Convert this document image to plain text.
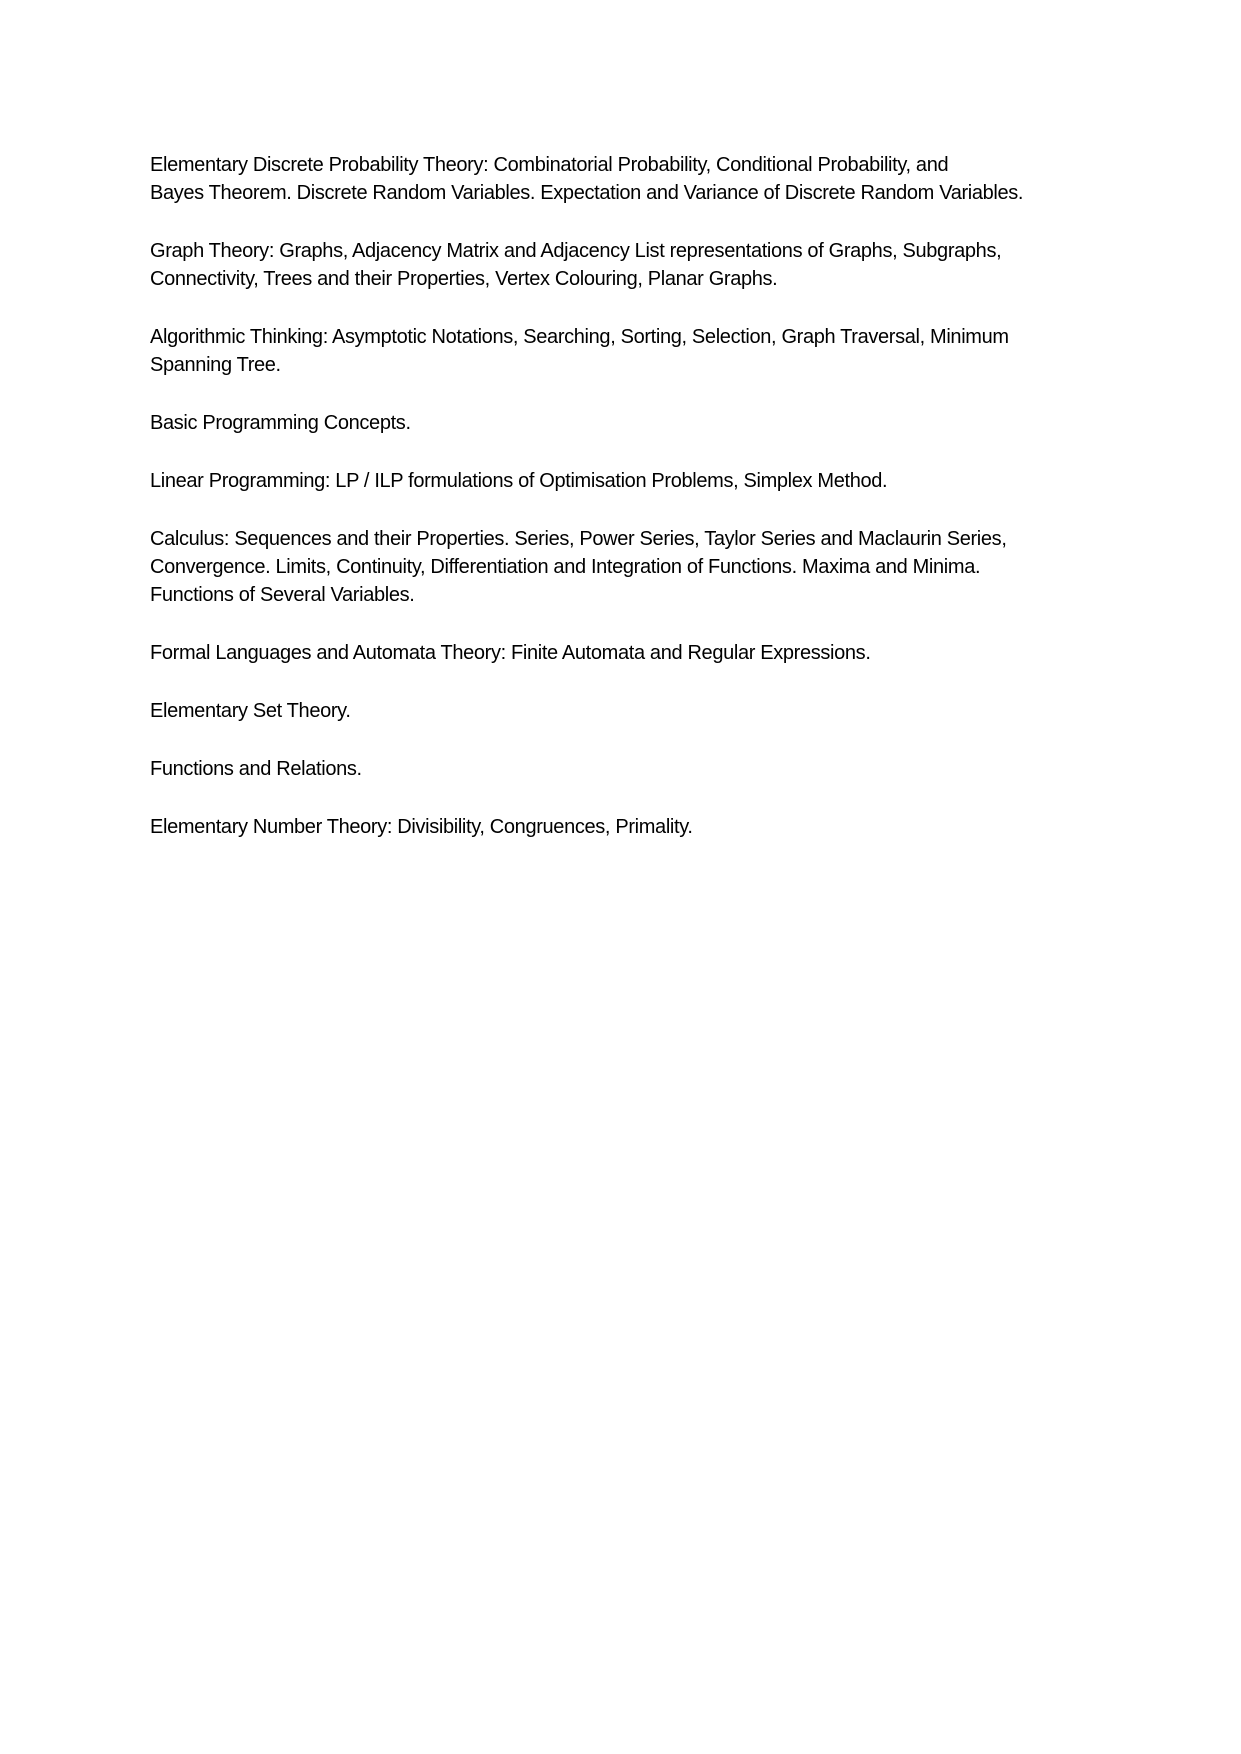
Elementary Discrete Probability Theory: Combinatorial Probability, Conditional Probability, and
Bayes Theorem. Discrete Random Variables. Expectation and Variance of Discrete Random Variables.

Graph Theory: Graphs, Adjacency Matrix and Adjacency List representations of Graphs, Subgraphs,
Connectivity, Trees and their Properties, Vertex Colouring, Planar Graphs.

Algorithmic Thinking: Asymptotic Notations, Searching, Sorting, Selection, Graph Traversal, Minimum
Spanning Tree.

Basic Programming Concepts.

Linear Programming: LP / ILP formulations of Optimisation Problems, Simplex Method.

Calculus: Sequences and their Properties. Series, Power Series, Taylor Series and Maclaurin Series,
Convergence. Limits, Continuity, Differentiation and Integration of Functions. Maxima and Minima.
Functions of Several Variables.

Formal Languages and Automata Theory: Finite Automata and Regular Expressions.

Elementary Set Theory.

Functions and Relations.

Elementary Number Theory: Divisibility, Congruences, Primality.
